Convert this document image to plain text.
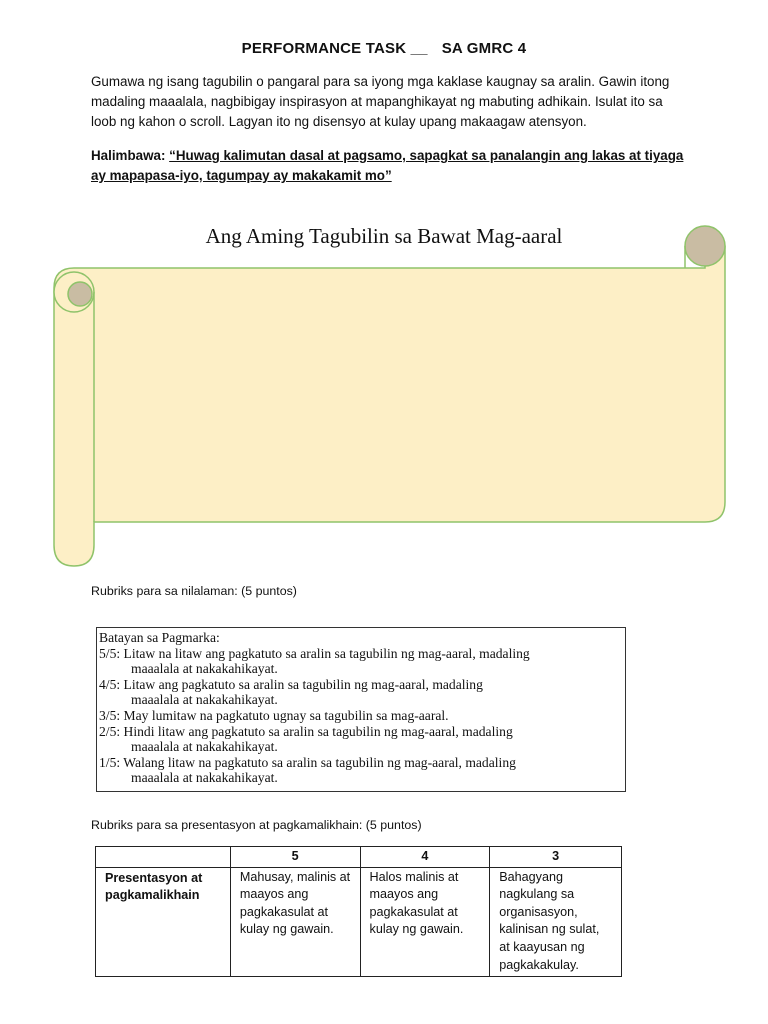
PERFORMANCE TASK __ SA GMRC 4
Gumawa ng isang tagubilin o pangaral para sa iyong mga kaklase kaugnay sa aralin. Gawin itong madaling maaalala, nagbibigay inspirasyon at mapanghikayat ng mabuting adhikain. Isulat ito sa loob ng kahon o scroll. Lagyan ito ng disensyo at kulay upang makaagaw atensyon.
Halimbawa: “Huwag kalimutan dasal at pagsamo, sapagkat sa panalangin ang lakas at tiyaga ay mapapasa-iyo, tagumpay ay makakamit mo”
Ang Aming Tagubilin sa Bawat Mag-aaral
Rubriks para sa nilalaman: (5 puntos)
Batayan sa Pagmarka:
5/5: Litaw na litaw ang pagkatuto sa aralin sa tagubilin ng mag-aaral, madaling
maaalala at nakakahikayat.
4/5: Litaw ang pagkatuto sa aralin sa tagubilin ng mag-aaral, madaling
maaalala at nakakahikayat.
3/5: May lumitaw na pagkatuto ugnay sa tagubilin sa mag-aaral.
2/5: Hindi litaw ang pagkatuto sa aralin sa tagubilin ng mag-aaral, madaling
maaalala at nakakahikayat.
1/5: Walang litaw na pagkatuto sa aralin sa tagubilin ng mag-aaral, madaling
maaalala at nakakahikayat.
Rubriks para sa presentasyon at pagkamalikhain: (5 puntos)
	5	4	3
Presentasyon at pagkamalikhain	Mahusay, malinis at maayos ang pagkakasulat at kulay ng gawain.	Halos malinis at maayos ang pagkakasulat at kulay ng gawain.	Bahagyang nagkulang sa organisasyon, kalinisan ng sulat, at kaayusan ng pagkakakulay.
